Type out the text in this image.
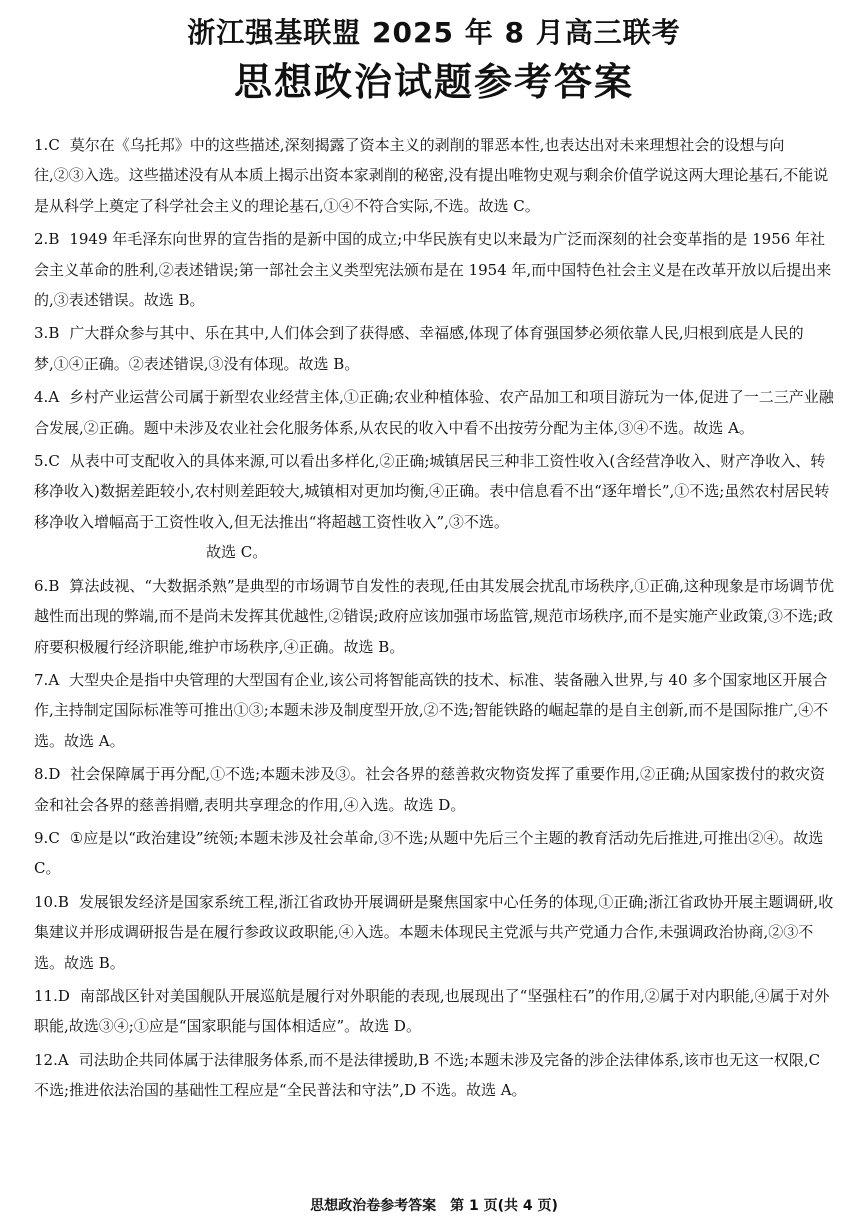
浙江强基联盟 2025 年 8 月高三联考
思想政治试题参考答案
1.C 莫尔在《乌托邦》中的这些描述,深刻揭露了资本主义的剥削的罪恶本性,也表达出对未来理想社会的设想与向往,②③入选。这些描述没有从本质上揭示出资本家剥削的秘密,没有提出唯物史观与剩余价值学说这两大理论基石,不能说是从科学上奠定了科学社会主义的理论基石,①④不符合实际,不选。故选 C。
2.B 1949 年毛泽东向世界的宣告指的是新中国的成立;中华民族有史以来最为广泛而深刻的社会变革指的是 1956 年社会主义革命的胜利,②表述错误;第一部社会主义类型宪法颁布是在 1954 年,而中国特色社会主义是在改革开放以后提出来的,③表述错误。故选 B。
3.B 广大群众参与其中、乐在其中,人们体会到了获得感、幸福感,体现了体育强国梦必须依靠人民,归根到底是人民的梦,①④正确。②表述错误,③没有体现。故选 B。
4.A 乡村产业运营公司属于新型农业经营主体,①正确;农业种植体验、农产品加工和项目游玩为一体,促进了一二三产业融合发展,②正确。题中未涉及农业社会化服务体系,从农民的收入中看不出按劳分配为主体,③④不选。故选 A。
5.C 从表中可支配收入的具体来源,可以看出多样化,②正确;城镇居民三种非工资性收入(含经营净收入、财产净收入、转移净收入)数据差距较小,农村则差距较大,城镇相对更加均衡,④正确。表中信息看不出“逐年增长”,①不选;虽然农村居民转移净收入增幅高于工资性收入,但无法推出“将超越工资性收入”,③不选。
故选 C。
6.B 算法歧视、“大数据杀熟”是典型的市场调节自发性的表现,任由其发展会扰乱市场秩序,①正确,这种现象是市场调节优越性而出现的弊端,而不是尚未发挥其优越性,②错误;政府应该加强市场监管,规范市场秩序,而不是实施产业政策,③不选;政府要积极履行经济职能,维护市场秩序,④正确。故选 B。
7.A 大型央企是指中央管理的大型国有企业,该公司将智能高铁的技术、标准、装备融入世界,与 40 多个国家地区开展合作,主持制定国际标准等可推出①③;本题未涉及制度型开放,②不选;智能铁路的崛起靠的是自主创新,而不是国际推广,④不选。故选 A。
8.D 社会保障属于再分配,①不选;本题未涉及③。社会各界的慈善救灾物资发挥了重要作用,②正确;从国家拨付的救灾资金和社会各界的慈善捐赠,表明共享理念的作用,④入选。故选 D。
9.C ①应是以“政治建设”统领;本题未涉及社会革命,③不选;从题中先后三个主题的教育活动先后推进,可推出②④。故选 C。
10.B 发展银发经济是国家系统工程,浙江省政协开展调研是聚焦国家中心任务的体现,①正确;浙江省政协开展主题调研,收集建议并形成调研报告是在履行参政议政职能,④入选。本题未体现民主党派与共产党通力合作,未强调政治协商,②③不选。故选 B。
11.D 南部战区针对美国舰队开展巡航是履行对外职能的表现,也展现出了“坚强柱石”的作用,②属于对内职能,④属于对外职能,故选③④;①应是“国家职能与国体相适应”。故选 D。
12.A 司法助企共同体属于法律服务体系,而不是法律援助,B 不选;本题未涉及完备的涉企法律体系,该市也无这一权限,C 不选;推进依法治国的基础性工程应是“全民普法和守法”,D 不选。故选 A。
思想政治卷参考答案　第 1 页(共 4 页)
